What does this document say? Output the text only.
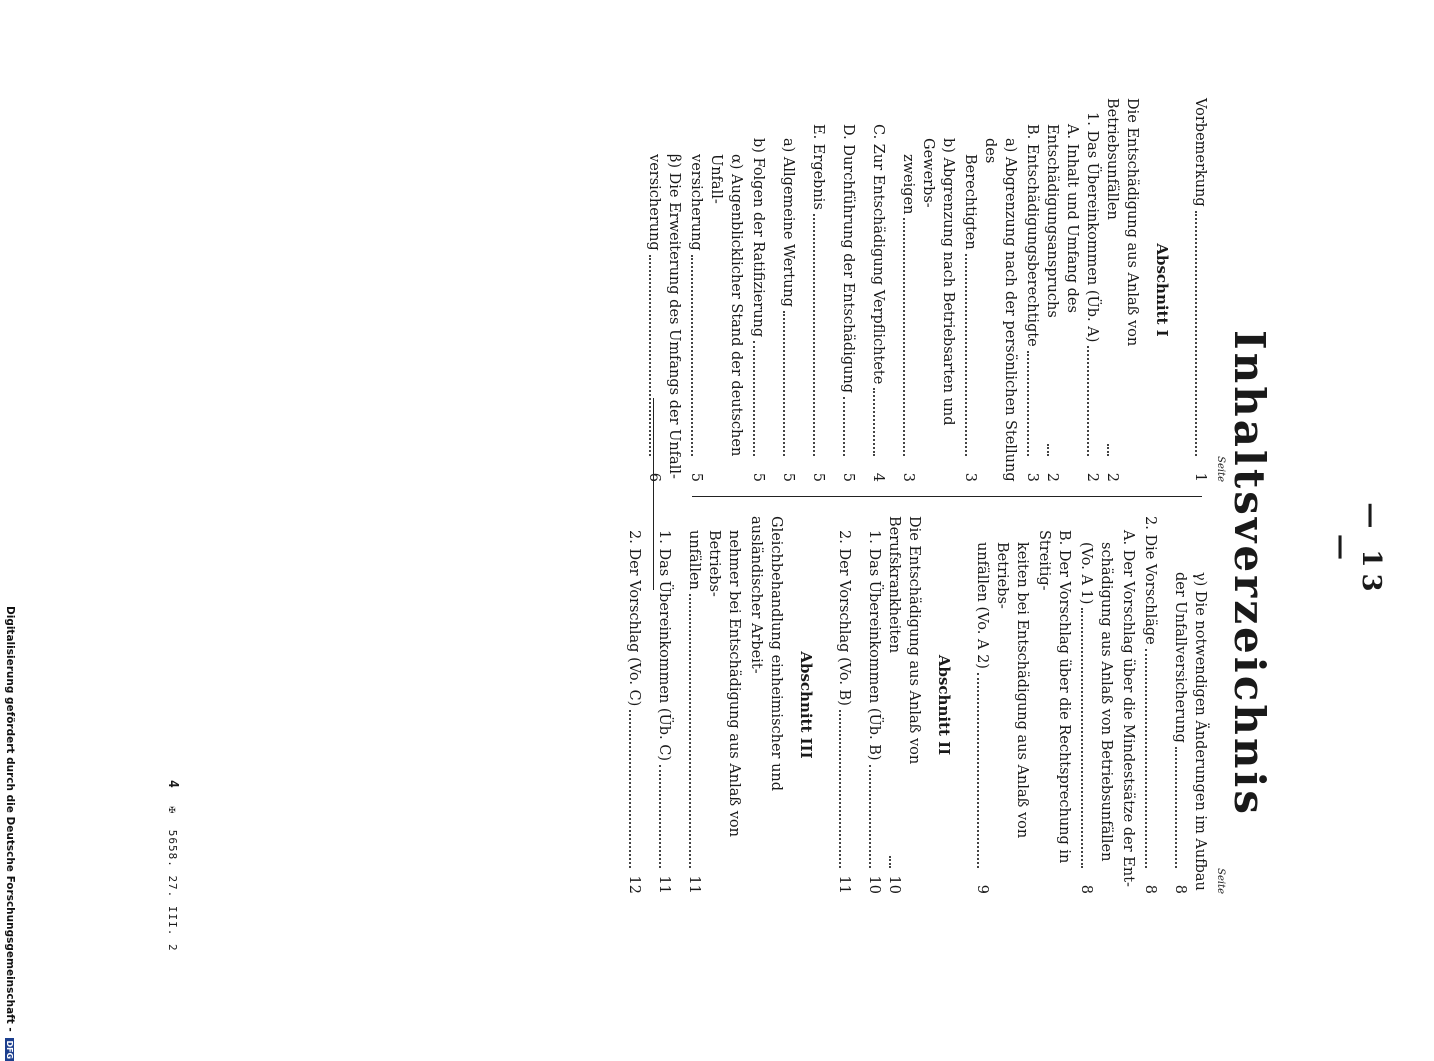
— 13 —
Inhaltsverzeichnis
Seite
Vorbemerkung
1
Abschnitt I
Die Entschädigung aus Anlaß von Betriebsunfällen
2
1. Das Übereinkommen (Üb. A)
2
A. Inhalt und Umfang des Entschädigungsanspruchs
2
B. Entschädigungsberechtigte
3
a) Abgrenzung nach der persönlichen Stellung des
Berechtigten
3
b) Abgrenzung nach Betriebsarten und Gewerbs-
zweigen
3
C. Zur Entschädigung Verpflichtete
4
D. Durchführung der Entschädigung
5
E. Ergebnis
5
a) Allgemeine Wertung
5
b) Folgen der Ratifizierung
5
α) Augenblicklicher Stand der deutschen Unfall-
versicherung
5
β) Die Erweiterung des Umfangs der Unfall-
versicherung
6
Seite
γ) Die notwendigen Änderungen im Aufbau
der Unfallversicherung
8
2. Die Vorschläge
8
A. Der Vorschlag über die Mindestsätze der Ent-
schädigung aus Anlaß von Betriebsunfällen
(Vo. A 1)
8
B. Der Vorschlag über die Rechtsprechung in Streitig-
keiten bei Entschädigung aus Anlaß von Betriebs-
unfällen (Vo. A 2)
9
Abschnitt II
Die Entschädigung aus Anlaß von Berufskrankheiten
10
1. Das Übereinkommen (Üb. B)
10
2. Der Vorschlag (Vo. B)
11
Abschnitt III
Gleichbehandlung einheimischer und ausländischer Arbeit-
nehmer bei Entschädigung aus Anlaß von Betriebs-
unfällen
11
1. Das Übereinkommen (Üb. C)
11
2. Der Vorschlag (Vo. C)
12
4 ✠ 5658. 27. III. 2
Digitalisierung gefördert durch die Deutsche Forschungsgemeinschaft - DFG
